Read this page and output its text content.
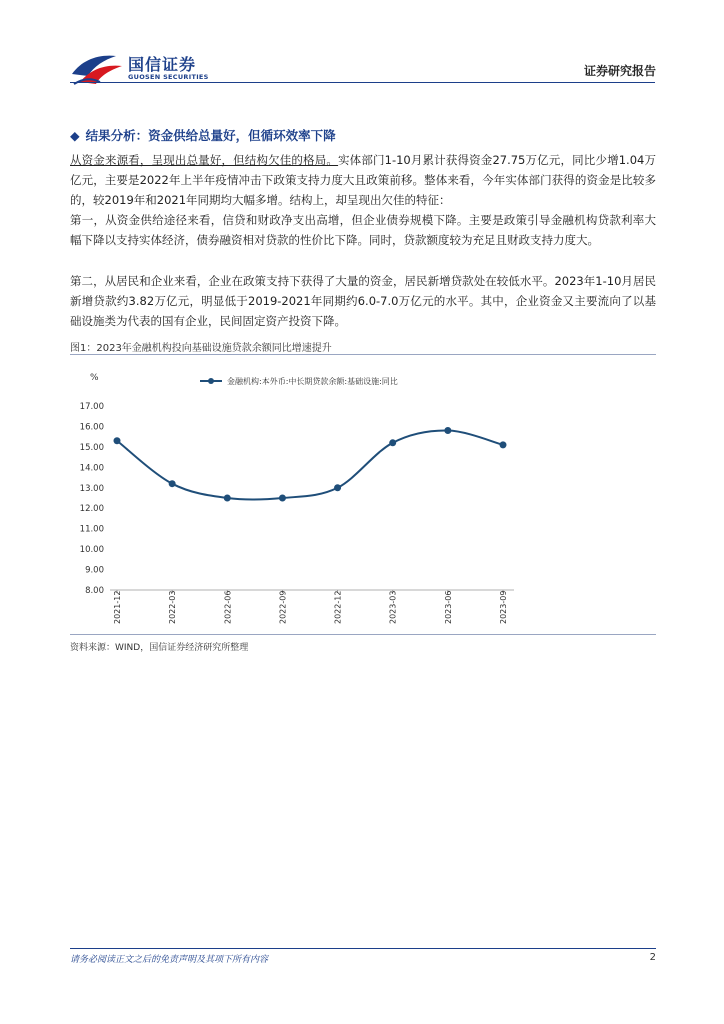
国信证券
GUOSEN SECURITIES	证券研究报告
◆ 结果分析：资金供给总量好，但循环效率下降
从资金来源看，呈现出总量好，但结构欠佳的格局。实体部门1-10月累计获得资金27.75万亿元，同比少增1.04万亿元，主要是2022年上半年疫情冲击下政策支持力度大且政策前移。整体来看，今年实体部门获得的资金是比较多的，较2019年和2021年同期均大幅多增。结构上，却呈现出欠佳的特征：
第一，从资金供给途径来看，信贷和财政净支出高增，但企业债券规模下降。主要是政策引导金融机构贷款利率大幅下降以支持实体经济，债券融资相对贷款的性价比下降。同时，贷款额度较为充足且财政支持力度大。
第二，从居民和企业来看，企业在政策支持下获得了大量的资金，居民新增贷款处在较低水平。2023年1-10月居民新增贷款约3.82万亿元，明显低于2019-2021年同期约6.0-7.0万亿元的水平。其中，企业资金又主要流向了以基础设施类为代表的国有企业，民间固定资产投资下降。
图1：2023年金融机构投向基础设施贷款余额同比增速提升
%	金融机构:本外币:中长期贷款余额:基础设施:同比
17.00
16.00
15.00
14.00
13.00
12.00
11.00
10.00
9.00
8.00 2021-12	2022-03	2022-06	2022-09	2022-12	2023-03	2023-06	2023-09
资料来源：WIND，国信证券经济研究所整理
请务必阅读正文之后的免责声明及其项下所有内容	2
